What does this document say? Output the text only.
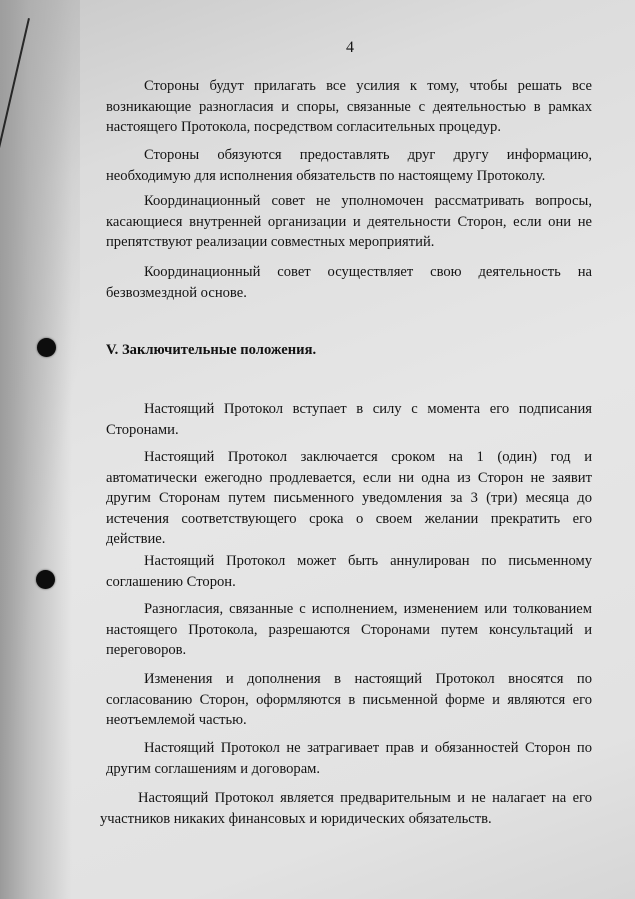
4

Стороны будут прилагать все усилия к тому, чтобы решать все возникающие разногласия и споры, связанные с деятельностью в рамках настоящего Протокола, посредством согласительных процедур.

Стороны обязуются предоставлять друг другу информацию, необходимую для исполнения обязательств по настоящему Протоколу.

Координационный совет не уполномочен рассматривать вопросы, касающиеся внутренней организации и деятельности Сторон, если они не препятствуют реализации совместных мероприятий.

Координационный совет осуществляет свою деятельность на безвозмездной основе.

V. Заключительные положения.

Настоящий Протокол вступает в силу с момента его подписания Сторонами.

Настоящий Протокол заключается сроком на 1 (один) год и автоматически ежегодно продлевается, если ни одна из Сторон не заявит другим Сторонам путем письменного уведомления за 3 (три) месяца до истечения соответствующего срока о своем желании прекратить его действие.

Настоящий Протокол может быть аннулирован по письменному соглашению Сторон.

Разногласия, связанные с исполнением, изменением или толкованием настоящего Протокола, разрешаются Сторонами путем консультаций и переговоров.

Изменения и дополнения в настоящий Протокол вносятся по согласованию Сторон, оформляются в письменной форме и являются его неотъемлемой частью.

Настоящий Протокол не затрагивает прав и обязанностей Сторон по другим соглашениям и договорам.

Настоящий Протокол является предварительным и не налагает на его участников никаких финансовых и юридических обязательств.
